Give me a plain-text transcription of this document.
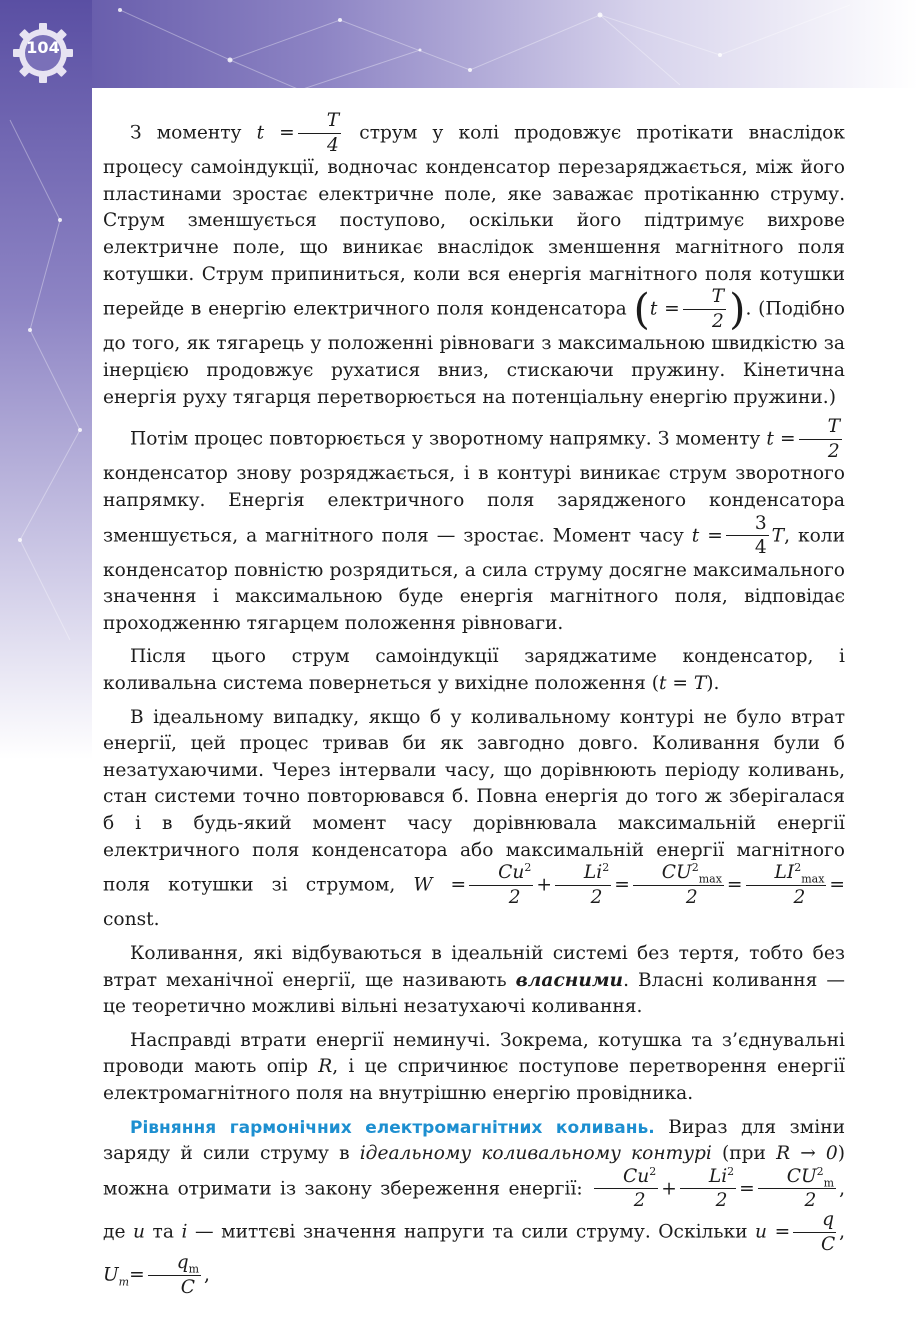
104

З моменту $t = \frac{T}{4}$ струм у колі продовжує протікати внаслідок процесу самоіндукції, водночас конденсатор перезаряджається, між його пластинами зростає електричне поле, яке заважає протіканню струму. Струм зменшується поступово, оскільки його підтримує вихрове електричне поле, що виникає внаслідок зменшення магнітного поля котушки. Струм припиниться, коли вся енергія магнітного поля котушки перейде в енергію електричного поля конденсатора ($t = \frac{T}{2}$ ). (Подібно до того, як тягарець у положенні рівноваги з максимальною швидкістю за інерцією продовжує рухатися вниз, стискаючи пружину. Кінетична енергія руху тягарця перетворюється на потенціальну енергію пружини.)

Потім процес повторюється у зворотному напрямку. З моменту $t = \frac{T}{2}$
конденсатор знову розряджається, і в контурі виникає струм зворотного напрямку. Енергія електричного поля зарядженого конденсатора зменшується, а магнітного поля — зростає. Момент часу $t = \frac{3}{4} T$, коли конденсатор повністю розрядиться, а сила струму досягне максимального значення і максимальною буде енергія магнітного поля, відповідає проходженню тягарцем положення рівноваги.

Після цього струм самоіндукції заряджатиме конденсатор, і коливальна система повернеться у вихідне положення (t = T).

В ідеальному випадку, якщо б у коливальному контурі не було втрат енергії, цей процес тривав би як завгодно довго. Коливання були б незатухаючими. Через інтервали часу, що дорівнюють періоду коливань, стан системи точно повторювався б. Повна енергія до того ж зберігалася б і в будь-який момент часу дорівнювала максимальній енергії електричного поля конденсатора або максимальній енергії магнітного поля котушки зі струмом, $W = \frac{Cu^2}{2} + \frac{Li^2}{2}$ =
$CU^2_{max}$
2
=
$LI^2_{max}$
2
= const.

Коливання, які відбуваються в ідеальній системі без тертя, тобто без втрат механічної енергії, ще називають власними. Власні коливання — це теоретично можливі вільні незатухаючі коливання.

Насправді втрати енергії неминучі. Зокрема, котушка та з’єднувальні проводи мають опір R, і це спричинює поступове перетворення енергії електромагнітного поля на внутрішню енергію провідника.

Рівняння гармонічних електромагнітних коливань. Вираз для зміни заряду й сили струму в ідеальному коливальному контурі (при R → 0) можна отримати із закону збереження енергії: $\frac{Cu^2}{2} + \frac{Li^2}{2} = \frac{CU^2_m}{2}$ , де u та i — миттєві значення напруги та сили струму. Оскільки $u = \frac{q}{C}$ , $U_m= \frac{q_m}{C}$ ,
